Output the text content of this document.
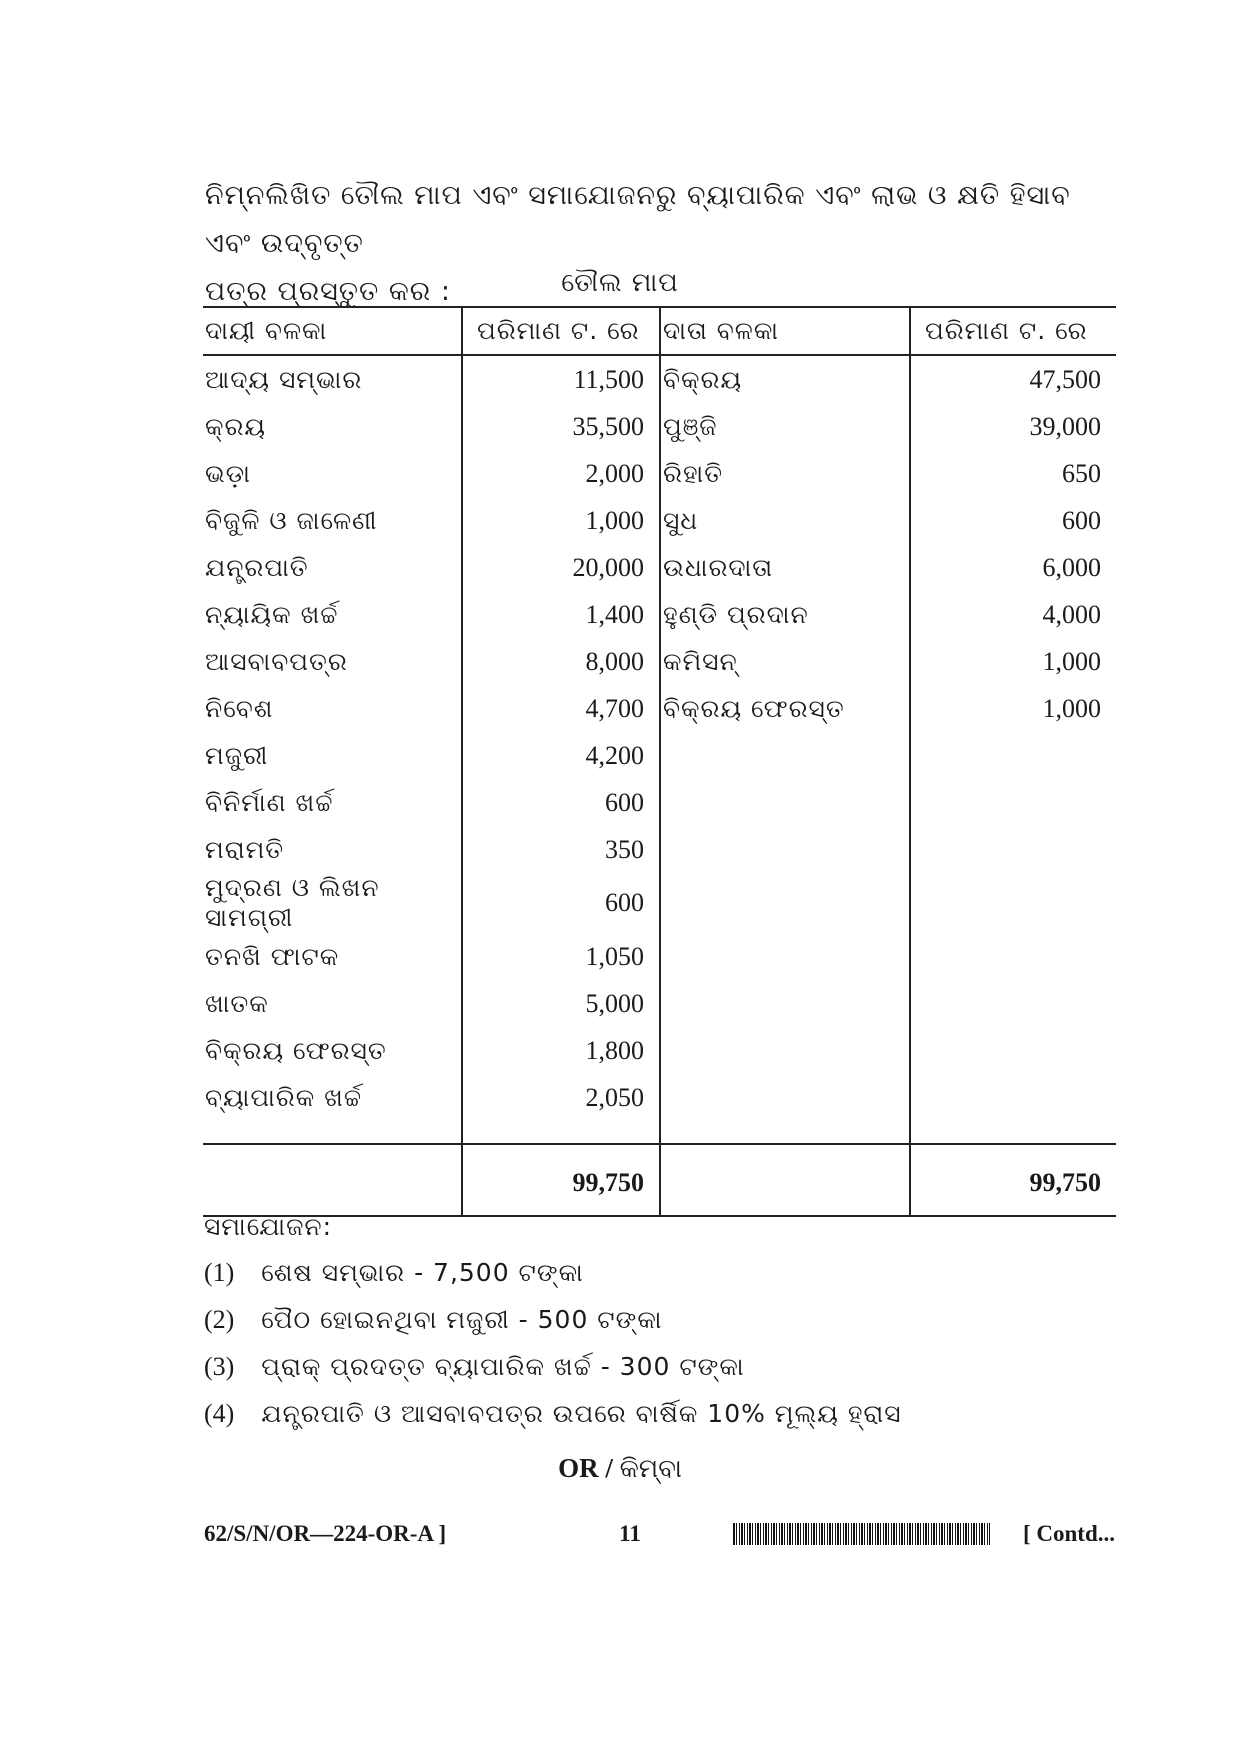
ନିମ୍ନଲିଖିତ ତୌଲ ମାପ ଏବଂ ସମାଯୋଜନରୁ ବ୍ୟାପାରିକ ଏବଂ ଲାଭ ଓ କ୍ଷତି ହିସାବ ଏବଂ ଉଦ୍‌ବୃତ୍ତ
ପତ୍ର ପ୍ରସ୍ତୁତ କର :	ତୌଲ ମାପ
ଦାୟୀ ବଳକା	ପରିମାଣ ଟ. ରେ	ଦାତା ବଳକା	ପରିମାଣ ଟ. ରେ
ଆଦ୍ୟ ସମ୍ଭାର	11,500	ବିକ୍ରୟ	47,500
କ୍ରୟ	35,500	ପୁଞ୍ଜି	39,000
ଭଡ଼ା	2,000	ରିହାତି	650
ବିଜୁଳି ଓ ଜାଳେଣୀ	1,000	ସୁଧ	600
ଯନ୍ତ୍ରପାତି	20,000	ଉଧାରଦାତା	6,000
ନ୍ୟାୟିକ ଖର୍ଚ୍ଚ	1,400	ହୁଣ୍ଡି ପ୍ରଦାନ	4,000
ଆସବାବପତ୍ର	8,000	କମିସନ୍	1,000
ନିବେଶ	4,700	ବିକ୍ରୟ ଫେରସ୍ତ	1,000
ମଜୁରୀ	4,200		
ବିନିର୍ମାଣ ଖର୍ଚ୍ଚ	600		
ମରାମତି	350		
ମୁଦ୍ରଣ ଓ ଲିଖନ ସାମଗ୍ରୀ	600		
ତନଖି ଫାଟକ	1,050		
ଖାତକ	5,000		
ବିକ୍ରୟ ଫେରସ୍ତ	1,800		
ବ୍ୟାପାରିକ ଖର୍ଚ୍ଚ	2,050		

	99,750		99,750
ସମାଯୋଜନ:
(1) ଶେଷ ସମ୍ଭାର - 7,500 ଟଙ୍କା
(2) ପୈଠ ହୋଇନଥିବା ମଜୁରୀ - 500 ଟଙ୍କା
(3) ପ୍ରାକ୍ ପ୍ରଦତ୍ତ ବ୍ୟାପାରିକ ଖର୍ଚ୍ଚ - 300 ଟଙ୍କା
(4) ଯନ୍ତ୍ରପାତି ଓ ଆସବାବପତ୍ର ଉପରେ ବାର୍ଷିକ 10% ମୂଲ୍ୟ ହ୍ରାସ
OR / କିମ୍ବା
62/S/N/OR—224-OR-A ]	11	[ Contd...
